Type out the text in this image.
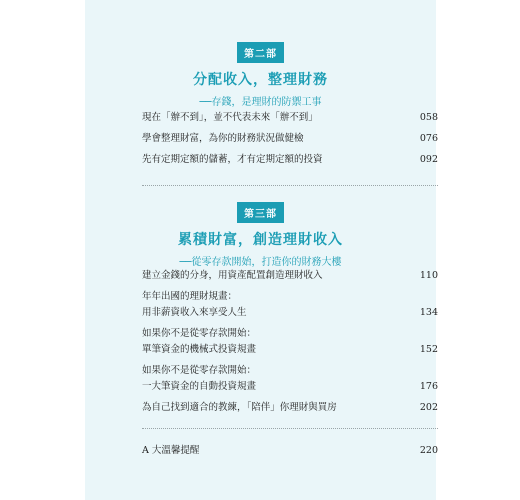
第二部
分配收入，整理財務
──存錢，是理財的防禦工事
現在「辦不到」，並不代表未來「辦不到」	058
學會整理財富，為你的財務狀況做健檢	076
先有定期定額的儲蓄，才有定期定額的投資	092
第三部
累積財富，創造理財收入
──從零存款開始，打造你的財務大樓
建立金錢的分身，用資產配置創造理財收入	110
年年出國的理財規畫：
用非薪資收入來享受人生	134
如果你不是從零存款開始：
單筆資金的機械式投資規畫	152
如果你不是從零存款開始：
一大筆資金的自動投資規畫	176
為自己找到適合的教練，「陪伴」你理財與買房	202
A 大溫馨提醒	220
